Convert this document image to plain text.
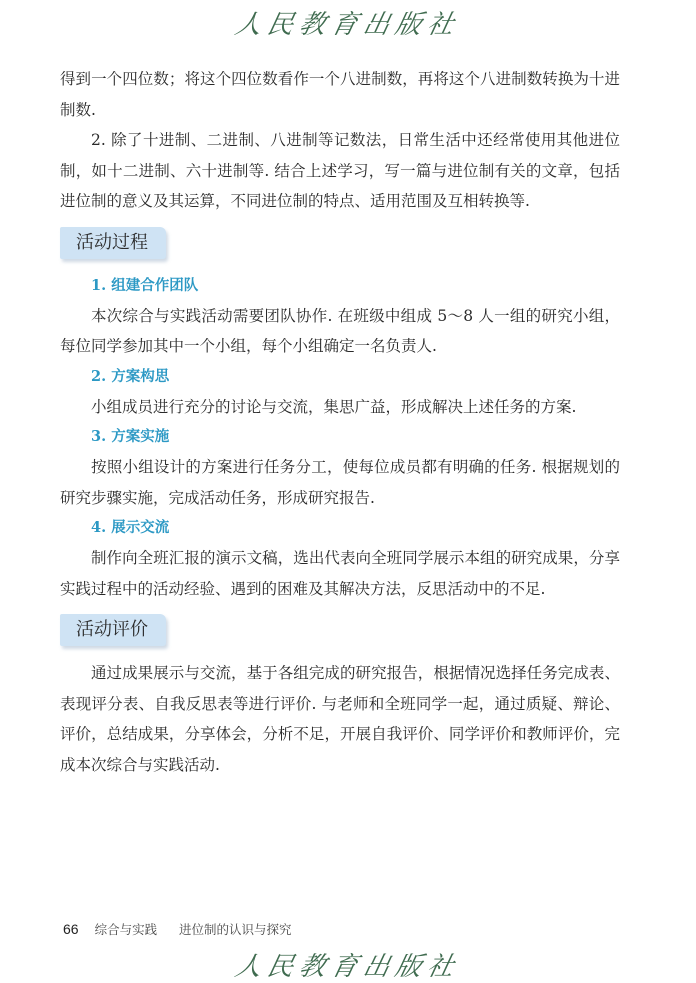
人民教育出版社

得到一个四位数；将这个四位数看作一个八进制数，再将这个八进制数转换为十进制数.

2. 除了十进制、二进制、八进制等记数法，日常生活中还经常使用其他进位制，如十二进制、六十进制等. 结合上述学习，写一篇与进位制有关的文章，包括进位制的意义及其运算，不同进位制的特点、适用范围及互相转换等.

活动过程
1. 组建合作团队

本次综合与实践活动需要团队协作. 在班级中组成 5～8 人一组的研究小组，每位同学参加其中一个小组，每个小组确定一名负责人.

2. 方案构思

小组成员进行充分的讨论与交流，集思广益，形成解决上述任务的方案.

3. 方案实施

按照小组设计的方案进行任务分工，使每位成员都有明确的任务. 根据规划的研究步骤实施，完成活动任务，形成研究报告.

4. 展示交流

制作向全班汇报的演示文稿，选出代表向全班同学展示本组的研究成果，分享实践过程中的活动经验、遇到的困难及其解决方法，反思活动中的不足.

活动评价

通过成果展示与交流，基于各组完成的研究报告，根据情况选择任务完成表、表现评分表、自我反思表等进行评价. 与老师和全班同学一起，通过质疑、辩论、评价，总结成果，分享体会，分析不足，开展自我评价、同学评价和教师评价，完成本次综合与实践活动.

66 综合与实践 进位制的认识与探究
人民教育出版社
